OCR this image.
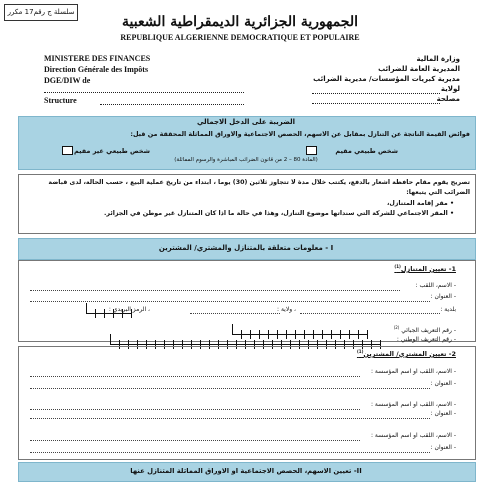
سلسلة ج رقم17 مكرر
الجمهورية الجزائرية الديمقراطية الشعبية
REPUBLIQUE ALGERIENNE DEMOCRATIQUE ET POPULAIRE
MINISTERE DES FINANCES
Direction Générale des Impôts
DGE/DIW de
Structure
وزارة المالية
المديرية العامة للضرائب
مديرية كبريات المؤسسات/ مديرية الضرائب
لولاية
مصلحة
الضريبة على الدخل الاجمالي
فوائض القيمة الناتجة عن التنازل بمقابل عن الاسهم، الحصص الاجتماعية والاوراق المماثلة المحققة من قبل:
شخص طبيعي مقيم
شخص طبيعي غير مقيم
(المادة 80 – 2 من قانون الضرائب المباشرة والرسوم المماثلة)
تصريح يقوم مقام حافظة اشعار بالدفع، يكتتب خلال مدة لا تتجاوز ثلاثين (30) يوما ، ابتداء من تاريخ عملية البيع ، حسب الحالة، لدى قباضة الضرائب التي يتبعها:
• مقر إقامة المتنازل،
• المقر الاجتماعي للشركة التي سنداتها موضوع التنازل، وهذا في حالة ما اذا كان المتنازل غير موطن في الجزائر.
I - معلومات متعلقة بالمتنازل والمشتري/ المشترين
1- تعيين المتنازل$^{(1)}$
- الاسم، اللقب :
- العنوان :
بلدية :
، ولاية :
، الرمز البريدي :
- رقم التعريف الجبائي $^{(2)}$
- رقم التعريف الوطني :
2- تعيين المشتري/ المشترين$^{(1)}$
- الاسم، اللقب او اسم المؤسسة :
- العنوان :
- الاسم، اللقب او اسم المؤسسة :
- العنوان :
- الاسم، اللقب او اسم المؤسسة :
- العنوان :
II- تعيين الاسهم، الحصص الاجتماعية او الاوراق المماثلة المتنازل عنها
